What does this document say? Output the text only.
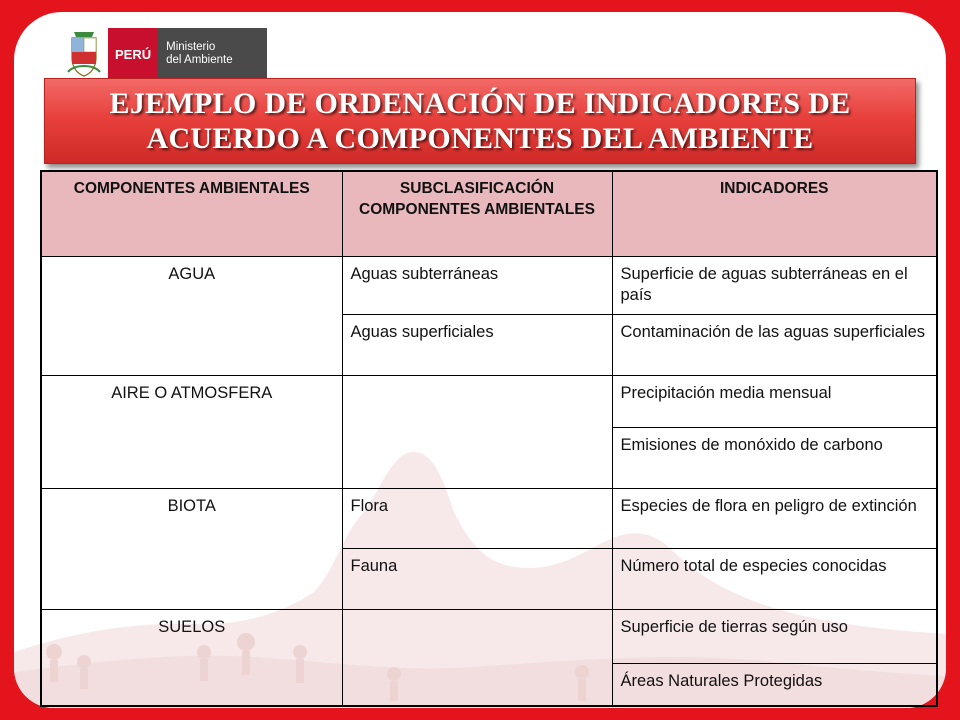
PERÚ	Ministerio
del Ambiente
EJEMPLO DE ORDENACIÓN DE INDICADORES DE
ACUERDO A COMPONENTES DEL AMBIENTE
COMPONENTES AMBIENTALES	SUBCLASIFICACIÓN COMPONENTES AMBIENTALES	INDICADORES
AGUA	Aguas subterráneas	Superficie de aguas subterráneas en el país
	Aguas superficiales	Contaminación de las aguas superficiales
AIRE O ATMOSFERA		Precipitación media mensual
		Emisiones de monóxido de carbono
BIOTA	Flora	Especies de flora en peligro de extinción
	Fauna	Número total de especies conocidas
SUELOS		Superficie de tierras según uso
		Áreas Naturales Protegidas
